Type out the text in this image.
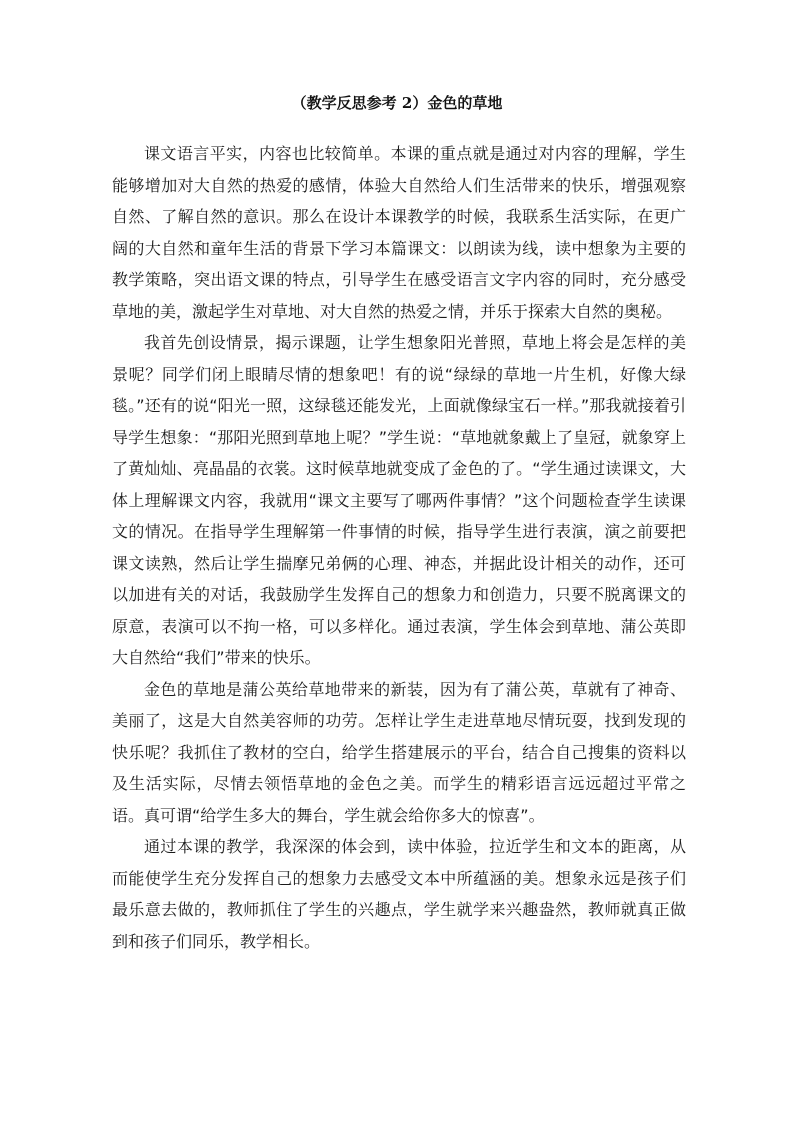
（教学反思参考 2）金色的草地

课文语言平实，内容也比较简单。本课的重点就是通过对内容的理解，学生能够增加对大自然的热爱的感情，体验大自然给人们生活带来的快乐，增强观察自然、了解自然的意识。那么在设计本课教学的时候，我联系生活实际，在更广阔的大自然和童年生活的背景下学习本篇课文：以朗读为线，读中想象为主要的教学策略，突出语文课的特点，引导学生在感受语言文字内容的同时，充分感受草地的美，激起学生对草地、对大自然的热爱之情，并乐于探索大自然的奥秘。

我首先创设情景，揭示课题，让学生想象阳光普照，草地上将会是怎样的美景呢？同学们闭上眼睛尽情的想象吧！有的说“绿绿的草地一片生机，好像大绿毯。”还有的说“阳光一照，这绿毯还能发光，上面就像绿宝石一样。”那我就接着引导学生想象：“那阳光照到草地上呢？”学生说：“草地就象戴上了皇冠，就象穿上了黄灿灿、亮晶晶的衣裳。这时候草地就变成了金色的了。“学生通过读课文，大体上理解课文内容，我就用“课文主要写了哪两件事情？”这个问题检查学生读课文的情况。在指导学生理解第一件事情的时候，指导学生进行表演，演之前要把课文读熟，然后让学生揣摩兄弟俩的心理、神态，并据此设计相关的动作，还可以加进有关的对话，我鼓励学生发挥自己的想象力和创造力，只要不脱离课文的原意，表演可以不拘一格，可以多样化。通过表演，学生体会到草地、蒲公英即大自然给“我们”带来的快乐。

金色的草地是蒲公英给草地带来的新装，因为有了蒲公英，草就有了神奇、美丽了，这是大自然美容师的功劳。怎样让学生走进草地尽情玩耍，找到发现的快乐呢？我抓住了教材的空白，给学生搭建展示的平台，结合自己搜集的资料以及生活实际，尽情去领悟草地的金色之美。而学生的精彩语言远远超过平常之语。真可谓“给学生多大的舞台，学生就会给你多大的惊喜”。

通过本课的教学，我深深的体会到，读中体验，拉近学生和文本的距离，从而能使学生充分发挥自己的想象力去感受文本中所蕴涵的美。想象永远是孩子们最乐意去做的，教师抓住了学生的兴趣点，学生就学来兴趣盎然，教师就真正做到和孩子们同乐，教学相长。
